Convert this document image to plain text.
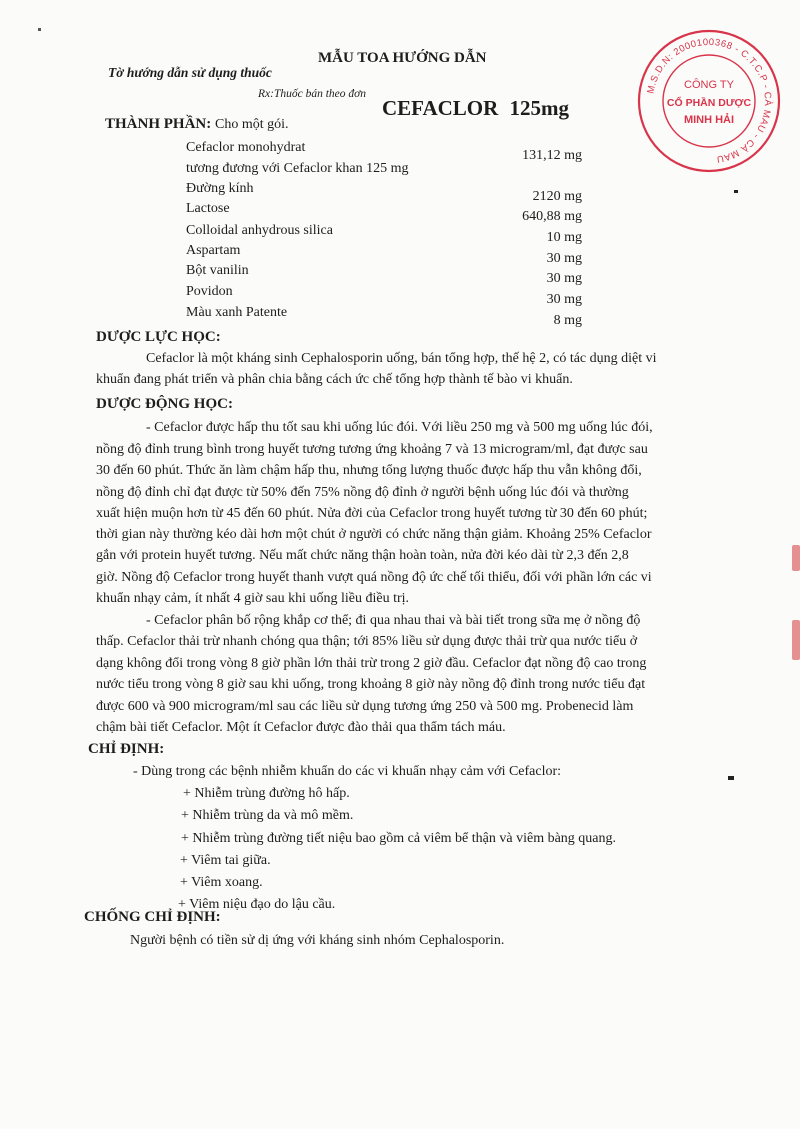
MẪU TOA HƯỚNG DẪN
Tờ hướng dẫn sử dụng thuốc
Rx:Thuốc bán theo đơn
CEFACLOR 125mg
M.S.D.N: 2000100368 - C.T.C.P - CÀ MAU - CÀ MAU
CÔNG TY
CỔ PHẦN DƯỢC
MINH HẢI
THÀNH PHẦN: Cho một gói.
Cefaclor monohydrat
131,12 mg
tương đương với Cefaclor khan 125 mg
Đường kính
2120 mg
Lactose
640,88 mg
Colloidal anhydrous silica	10 mg
Aspartam
30 mg
Bột vanilin
30 mg
Povidon
30 mg
Màu xanh Patente
8 mg
DƯỢC LỰC HỌC:
Cefaclor là một kháng sinh Cephalosporin uống, bán tổng hợp, thế hệ 2, có tác dụng diệt vi
khuẩn đang phát triển và phân chia bằng cách ức chế tổng hợp thành tế bào vi khuẩn.
DƯỢC ĐỘNG HỌC:
- Cefaclor được hấp thu tốt sau khi uống lúc đói. Với liều 250 mg và 500 mg uống lúc đói,
nồng độ đỉnh trung bình trong huyết tương tương ứng khoảng 7 và 13 microgram/ml, đạt được sau
30 đến 60 phút. Thức ăn làm chậm hấp thu, nhưng tổng lượng thuốc được hấp thu vẫn không đổi,
nồng độ đỉnh chỉ đạt được từ 50% đến 75% nồng độ đỉnh ở người bệnh uống lúc đói và thường
xuất hiện muộn hơn từ 45 đến 60 phút. Nửa đời của Cefaclor trong huyết tương từ 30 đến 60 phút;
thời gian này thường kéo dài hơn một chút ở người có chức năng thận giảm. Khoảng 25% Cefaclor
gắn với protein huyết tương. Nếu mất chức năng thận hoàn toàn, nửa đời kéo dài từ 2,3 đến 2,8
giờ. Nồng độ Cefaclor trong huyết thanh vượt quá nồng độ ức chế tối thiểu, đối với phần lớn các vi
khuẩn nhạy cảm, ít nhất 4 giờ sau khi uống liều điều trị.
- Cefaclor phân bố rộng khắp cơ thể; đi qua nhau thai và bài tiết trong sữa mẹ ở nồng độ
thấp. Cefaclor thải trừ nhanh chóng qua thận; tới 85% liều sử dụng được thải trừ qua nước tiểu ở
dạng không đổi trong vòng 8 giờ phần lớn thải trừ trong 2 giờ đầu. Cefaclor đạt nồng độ cao trong
nước tiểu trong vòng 8 giờ sau khi uống, trong khoảng 8 giờ này nồng độ đỉnh trong nước tiểu đạt
được 600 và 900 microgram/ml sau các liều sử dụng tương ứng 250 và 500 mg. Probenecid làm
chậm bài tiết Cefaclor. Một ít Cefaclor được đào thải qua thẩm tách máu.
CHỈ ĐỊNH:
- Dùng trong các bệnh nhiễm khuẩn do các vi khuẩn nhạy cảm với Cefaclor:
+ Nhiễm trùng đường hô hấp.
+ Nhiễm trùng da và mô mềm.
+ Nhiễm trùng đường tiết niệu bao gồm cả viêm bể thận và viêm bàng quang.
+ Viêm tai giữa.
+ Viêm xoang.
+ Viêm niệu đạo do lậu cầu.
CHỐNG CHỈ ĐỊNH:
Người bệnh có tiền sử dị ứng với kháng sinh nhóm Cephalosporin.
